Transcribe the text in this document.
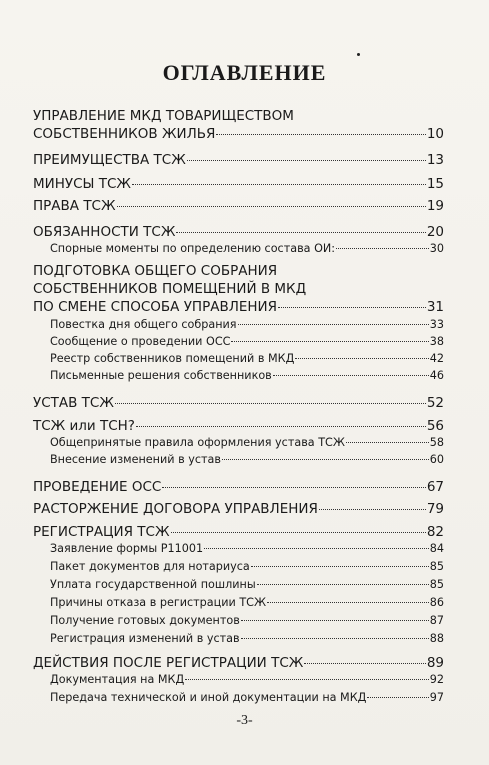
ОГЛАВЛЕНИЕ
УПРАВЛЕНИЕ МКД ТОВАРИЩЕСТВОМ
СОБСТВЕННИКОВ ЖИЛЬЯ	10
ПРЕИМУЩЕСТВА ТСЖ	13
МИНУСЫ ТСЖ	15
ПРАВА ТСЖ	19
ОБЯЗАННОСТИ ТСЖ	20
Спорные моменты по определению состава ОИ:	30
ПОДГОТОВКА ОБЩЕГО СОБРАНИЯ
СОБСТВЕННИКОВ ПОМЕЩЕНИЙ В МКД
ПО СМЕНЕ СПОСОБА УПРАВЛЕНИЯ	31
Повестка дня общего собрания	33
Сообщение о проведении ОСС	38
Реестр собственников помещений в МКД	42
Письменные решения собственников	46
УСТАВ ТСЖ	52
ТСЖ или ТСН?	56
Общепринятые правила оформления устава ТСЖ	58
Внесение изменений в устав	60
ПРОВЕДЕНИЕ ОСС	67
РАСТОРЖЕНИЕ ДОГОВОРА УПРАВЛЕНИЯ	79
РЕГИСТРАЦИЯ ТСЖ	82
Заявление формы Р11001	84
Пакет документов для нотариуса	85
Уплата государственной пошлины	85
Причины отказа в регистрации ТСЖ	86
Получение готовых документов	87
Регистрация изменений в устав	88
ДЕЙСТВИЯ ПОСЛЕ РЕГИСТРАЦИИ ТСЖ	89
Документация на МКД	92
Передача технической и иной документации на МКД	97
-3-
